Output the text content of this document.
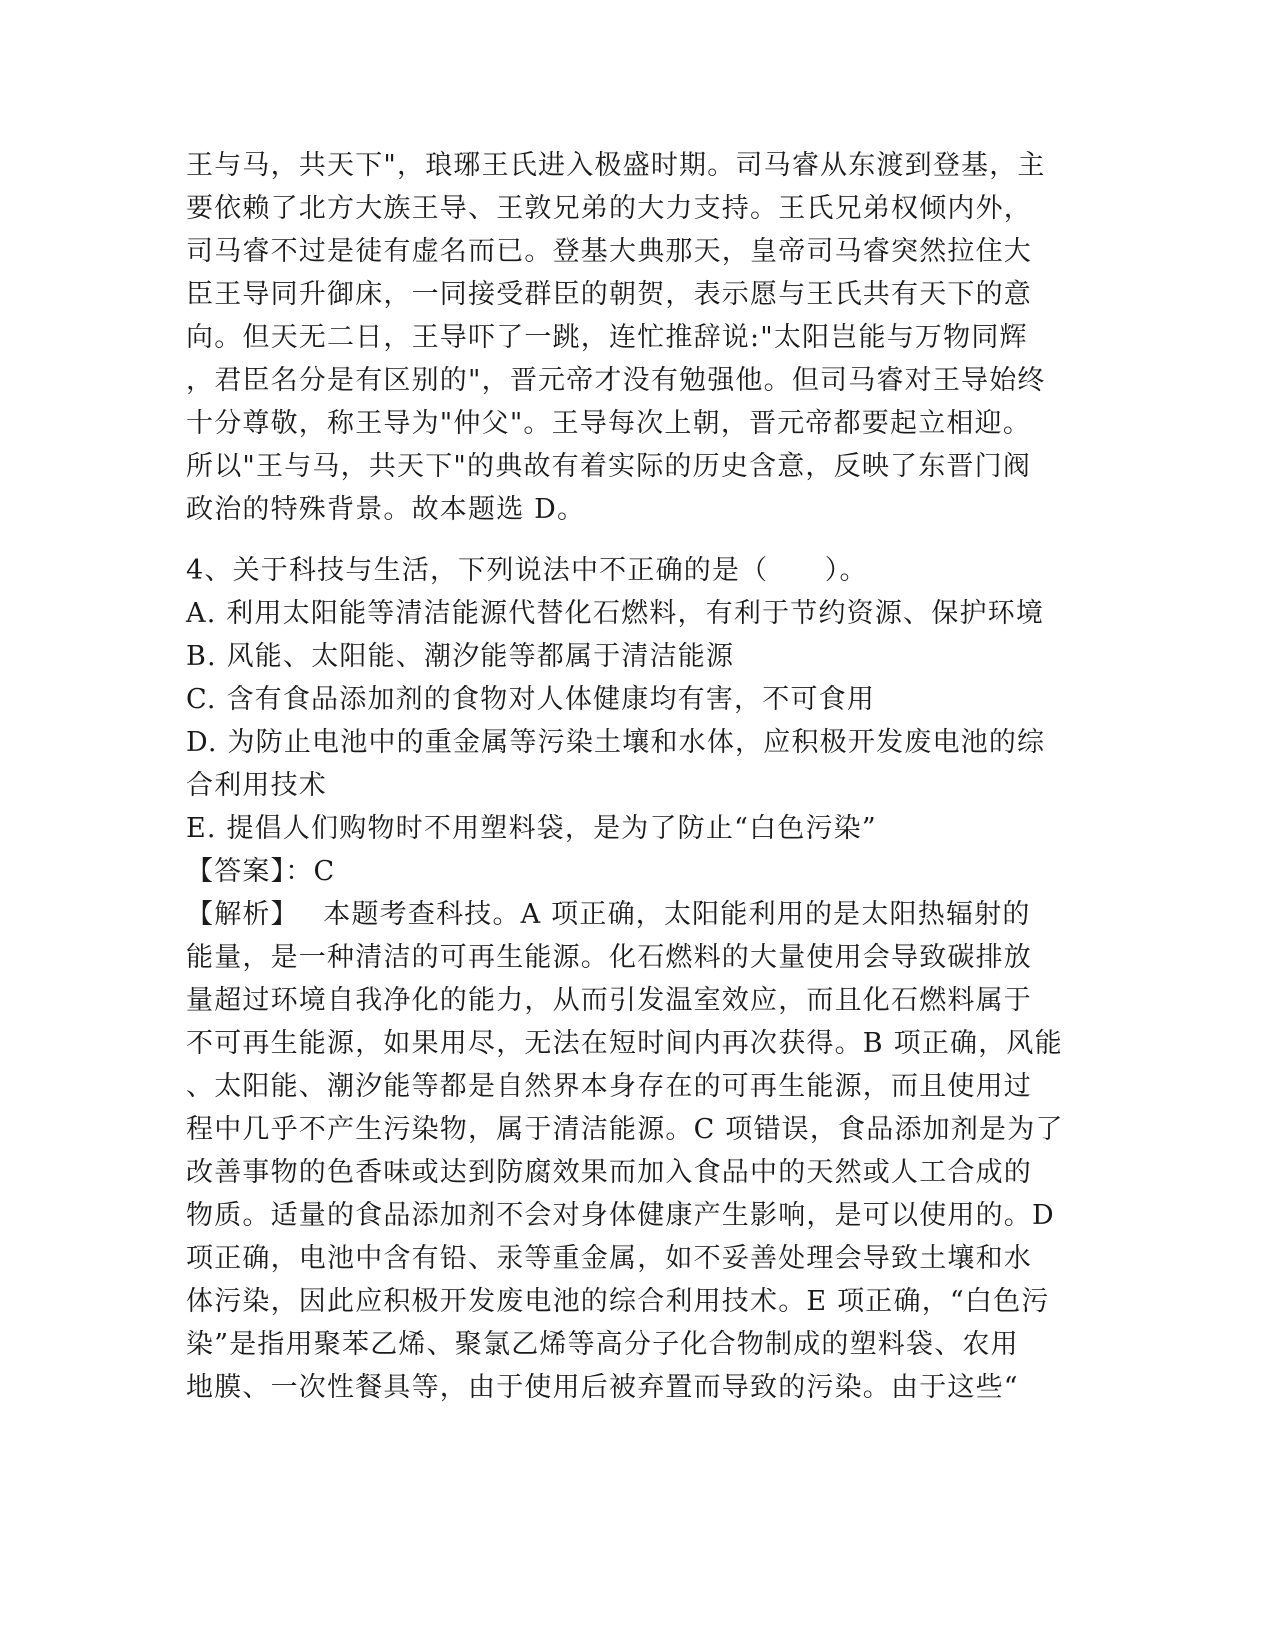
王与马，共天下"，琅琊王氏进入极盛时期。司马睿从东渡到登基，主
要依赖了北方大族王导、王敦兄弟的大力支持。王氏兄弟权倾内外，
司马睿不过是徒有虚名而已。登基大典那天，皇帝司马睿突然拉住大
臣王导同升御床，一同接受群臣的朝贺，表示愿与王氏共有天下的意
向。但天无二日，王导吓了一跳，连忙推辞说:"太阳岂能与万物同辉
，君臣名分是有区别的"，晋元帝才没有勉强他。但司马睿对王导始终
十分尊敬，称王导为"仲父"。王导每次上朝，晋元帝都要起立相迎。
所以"王与马，共天下"的典故有着实际的历史含意，反映了东晋门阀
政治的特殊背景。故本题选 D。
4、关于科技与生活，下列说法中不正确的是（　　）。
A. 利用太阳能等清洁能源代替化石燃料，有利于节约资源、保护环境
B. 风能、太阳能、潮汐能等都属于清洁能源
C. 含有食品添加剂的食物对人体健康均有害，不可食用
D. 为防止电池中的重金属等污染土壤和水体，应积极开发废电池的综
合利用技术
E. 提倡人们购物时不用塑料袋，是为了防止“白色污染”
【答案】：C
【解析】　 本题考查科技。A 项正确，太阳能利用的是太阳热辐射的
能量，是一种清洁的可再生能源。化石燃料的大量使用会导致碳排放
量超过环境自我净化的能力，从而引发温室效应，而且化石燃料属于
不可再生能源，如果用尽，无法在短时间内再次获得。B 项正确，风能
、太阳能、潮汐能等都是自然界本身存在的可再生能源，而且使用过
程中几乎不产生污染物，属于清洁能源。C 项错误，食品添加剂是为了
改善事物的色香味或达到防腐效果而加入食品中的天然或人工合成的
物质。适量的食品添加剂不会对身体健康产生影响，是可以使用的。D
项正确，电池中含有铅、汞等重金属，如不妥善处理会导致土壤和水
体污染，因此应积极开发废电池的综合利用技术。E 项正确，“白色污
染”是指用聚苯乙烯、聚氯乙烯等高分子化合物制成的塑料袋、农用
地膜、一次性餐具等，由于使用后被弃置而导致的污染。由于这些“
